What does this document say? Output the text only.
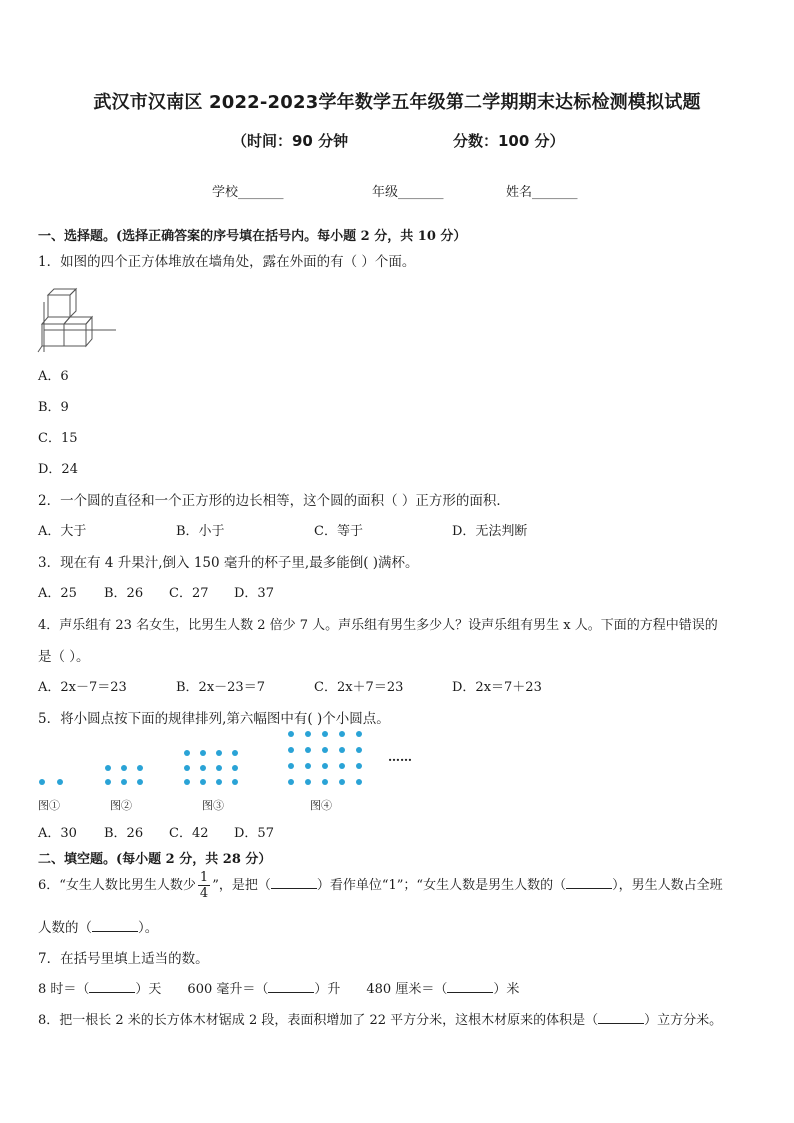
武汉市汉南区 2022-2023学年数学五年级第二学期期末达标检测模拟试题
（时间：90 分钟	分数：100 分）
学校_______	年级_______	姓名_______
一、选择题。(选择正确答案的序号填在括号内。每小题 2 分，共 10 分）
1．如图的四个正方体堆放在墙角处，露在外面的有（ ）个面。
A．6
B．9
C．15
D．24
2．一个圆的直径和一个正方形的边长相等，这个圆的面积（ ）正方形的面积．
A．大于	B．小于	C．等于	D．无法判断
3．现在有 4 升果汁,倒入 150 毫升的杯子里,最多能倒( )满杯。
A．25 B．26 C．27 D．37
4．声乐组有 23 名女生，比男生人数 2 倍少 7 人。声乐组有男生多少人？设声乐组有男生 x 人。下面的方程中错误的
是（ ）。
A．2x－7＝23	B．2x－23＝7	C．2x＋7＝23	D．2x＝7＋23
5．将小圆点按下面的规律排列,第六幅图中有( )个小圆点。
……
图①	图②	图③	图④
A．30 B．26 C．42 D．57
二、填空题。(每小题 2 分，共 28 分）
6．“女生人数比男生人数少 $\frac{1}{4}$ ”，是把（	）看作单位“1”；“女生人数是男生人数的（	），男生人数占全班
人数的（	）。
7．在括号里填上适当的数。
8 时＝（	）天 600 毫升＝（	）升 480 厘米＝（	）米
8．把一根长 2 米的长方体木材锯成 2 段，表面积增加了 22 平方分米，这根木材原来的体积是（	）立方分米。
